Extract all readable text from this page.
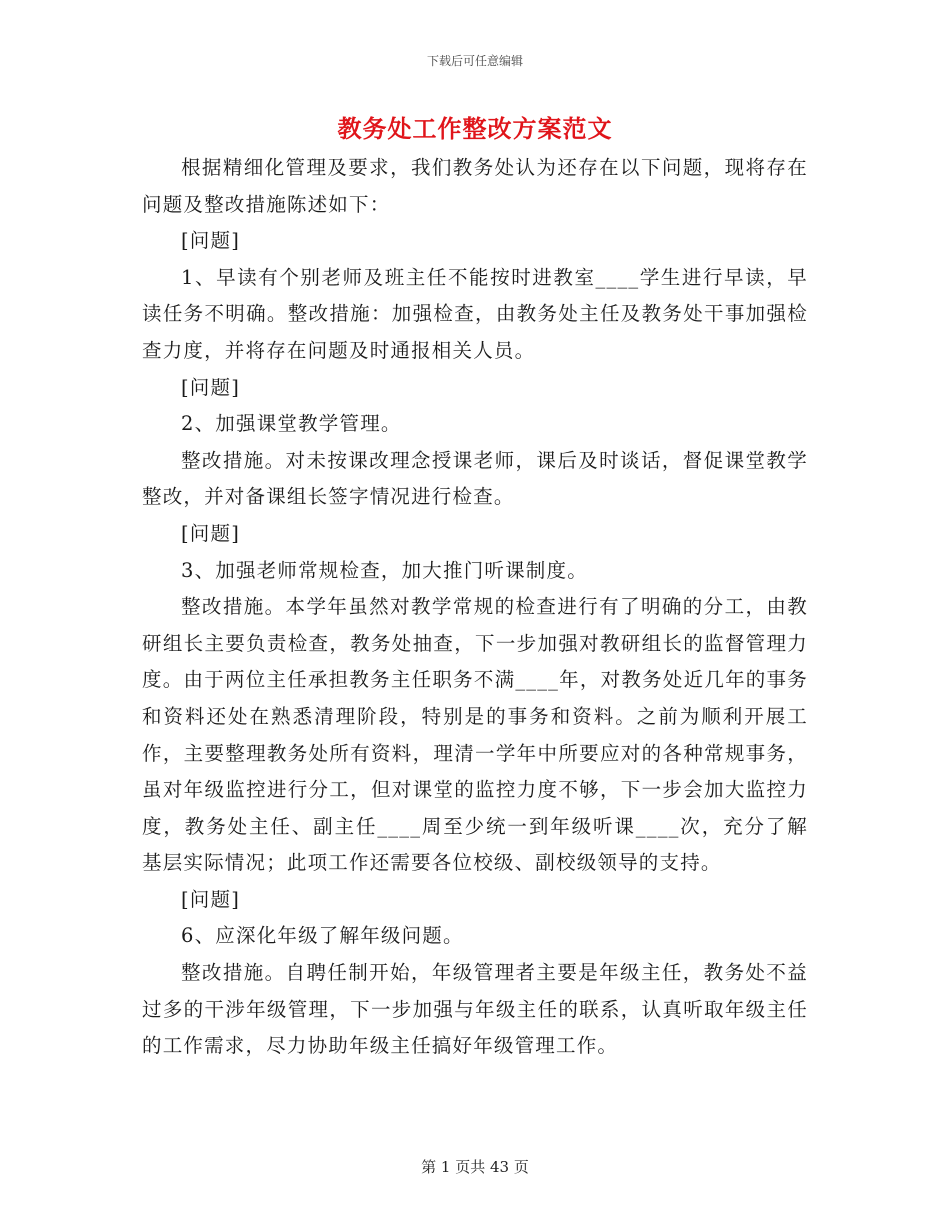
下载后可任意编辑
教务处工作整改方案范文

根据精细化管理及要求，我们教务处认为还存在以下问题，现将存在问题及整改措施陈述如下：

[问题]

1、早读有个别老师及班主任不能按时进教室____学生进行早读，早读任务不明确。整改措施：加强检查，由教务处主任及教务处干事加强检查力度，并将存在问题及时通报相关人员。

[问题]

2、加强课堂教学管理。

整改措施。对未按课改理念授课老师，课后及时谈话，督促课堂教学整改，并对备课组长签字情况进行检查。

[问题]

3、加强老师常规检查，加大推门听课制度。

整改措施。本学年虽然对教学常规的检查进行有了明确的分工，由教研组长主要负责检查，教务处抽查，下一步加强对教研组长的监督管理力度。由于两位主任承担教务主任职务不满____年，对教务处近几年的事务和资料还处在熟悉清理阶段，特别是的事务和资料。之前为顺利开展工作，主要整理教务处所有资料，理清一学年中所要应对的各种常规事务，虽对年级监控进行分工，但对课堂的监控力度不够，下一步会加大监控力度，教务处主任、副主任____周至少统一到年级听课____次，充分了解基层实际情况；此项工作还需要各位校级、副校级领导的支持。

[问题]

6、应深化年级了解年级问题。

整改措施。自聘任制开始，年级管理者主要是年级主任，教务处不益过多的干涉年级管理，下一步加强与年级主任的联系，认真听取年级主任的工作需求，尽力协助年级主任搞好年级管理工作。

第 1 页共 43 页
